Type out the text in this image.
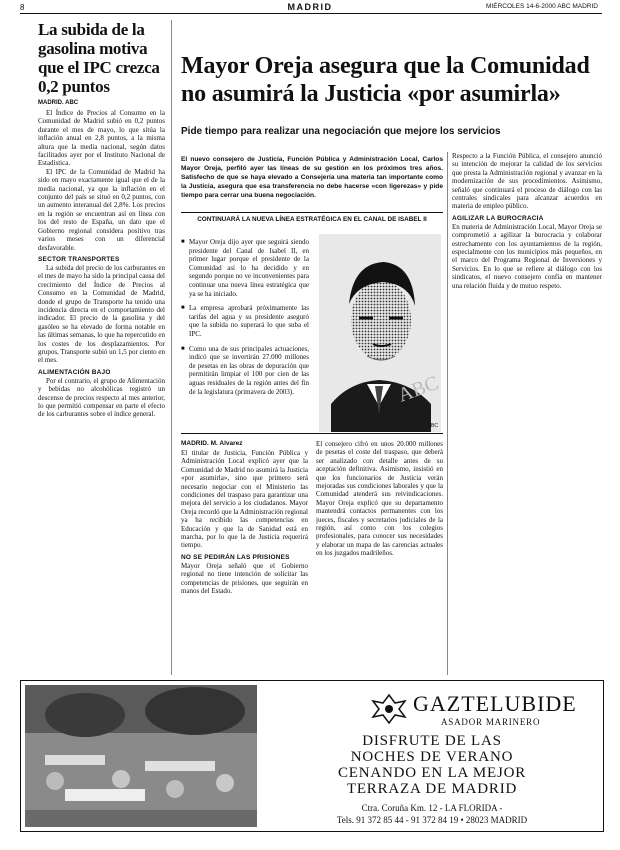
8	MADRID	MIÉRCOLES 14-6-2000 ABC MADRID
La subida de la gasolina motiva que el IPC crezca 0,2 puntos
MADRID. ABC

El Índice de Precios al Consumo en la Comunidad de Madrid subió en 0,2 puntos durante el mes de mayo, lo que sitúa la inflación anual en 2,8 puntos, a la misma altura que la media nacional, según datos facilitados ayer por el Instituto Nacional de Estadística.

El IPC de la Comunidad de Madrid ha sido en mayo exactamente igual que el de la media nacional, ya que la inflación en el conjunto del país se situó en 0,2 puntos, con un aumento interanual del 2,8%. Los precios en la región se encuentran así en línea con los del resto de España, un dato que el Gobierno regional considera positivo tras varios meses con un diferencial desfavorable.

SECTOR TRANSPORTES

La subida del precio de los carburantes en el mes de mayo ha sido la principal causa del crecimiento del Índice de Precios al Consumo en la Comunidad de Madrid, donde el grupo de Transporte ha tenido una incidencia directa en el comportamiento del indicador. El precio de la gasolina y del gasóleo se ha elevado de forma notable en las últimas semanas, lo que ha repercutido en los costes de los desplazamientos. Por grupos, Transporte subió un 1,5 por ciento en el mes.

ALIMENTACIÓN BAJO

Por el contrario, el grupo de Alimentación y bebidas no alcohólicas registró un descenso de precios respecto al mes anterior, lo que permitió compensar en parte el efecto de los carburantes sobre el índice general.

Mayor Oreja asegura que la Comunidad no asumirá la Justicia «por asumirla»
Pide tiempo para realizar una negociación que mejore los servicios
El nuevo consejero de Justicia, Función Pública y Administración Local, Carlos Mayor Oreja, perfiló ayer las líneas de su gestión en los próximos tres años. Satisfecho de que se haya elevado a Consejería una materia tan importante como la Justicia, asegura que esa transferencia no debe hacerse «con ligerezas» y pide tiempo para cerrar una buena negociación.
CONTINUARÁ LA NUEVA LÍNEA ESTRATÉGICA EN EL CANAL DE ISABEL II

■ Mayor Oreja dijo ayer que seguirá siendo presidente del Canal de Isabel II, en primer lugar porque el presidente de la Comunidad así lo ha decidido y en segundo porque no ve inconvenientes para continuar una nueva línea estratégica que ya se ha iniciado.

■ La empresa aprobará próximamente las tarifas del agua y su presidente aseguró que la subida no superará lo que suba el IPC.

■ Como una de sus principales actuaciones, indicó que se invertirán 27.000 millones de pesetas en las obras de depuración que permitirán limpiar el 100 por cien de las aguas residuales de la región antes del fin de la legislatura (primavera de 2003).	ABC
ABC

Respecto a la Función Pública, el consejero anunció su intención de mejorar la calidad de los servicios que presta la Administración regional y avanzar en la modernización de sus procedimientos. Asimismo, señaló que continuará el proceso de diálogo con las centrales sindicales para alcanzar acuerdos en materia de empleo público.

AGILIZAR LA BUROCRACIA

En materia de Administración Local, Mayor Oreja se comprometió a agilizar la burocracia y colaborar estrechamente con los ayuntamientos de la región, especialmente con los municipios más pequeños, en el marco del Programa Regional de Inversiones y Servicios. En lo que se refiere al diálogo con los sindicatos, el nuevo consejero confía en mantener una relación fluida y de mutuo respeto.

MADRID. M. Alvarez

El titular de Justicia, Función Pública y Administración Local explicó ayer que la Comunidad de Madrid no asumirá la Justicia «por asumirla», sino que primero será necesario negociar con el Ministerio las condiciones del traspaso para garantizar una mejora del servicio a los ciudadanos. Mayor Oreja recordó que la Administración regional ya ha recibido las competencias en Educación y que la de Sanidad está en marcha, por lo que la de Justicia requerirá tiempo.

NO SE PEDIRÁN LAS PRISIONES

Mayor Oreja señaló que el Gobierno regional no tiene intención de solicitar las competencias de prisiones, que seguirán en manos del Estado.

El consejero cifró en unos 20.000 millones de pesetas el coste del traspaso, que deberá ser analizado con detalle antes de su aceptación definitiva. Asimismo, insistió en que los funcionarios de Justicia verán mejoradas sus condiciones laborales y que la Comunidad atenderá sus reivindicaciones. Mayor Oreja explicó que su departamento mantendrá contactos permanentes con los jueces, fiscales y secretarios judiciales de la región, así como con los colegios profesionales, para conocer sus necesidades y elaborar un mapa de las carencias actuales en los juzgados madrileños.

GAZTELUBIDE
ASADOR MARINERO
DISFRUTE DE LAS
NOCHES DE VERANO
CENANDO EN LA MEJOR
TERRAZA DE MADRID
Ctra. Coruña Km. 12 - LA FLORIDA -
Tels. 91 372 85 44 - 91 372 84 19 • 28023 MADRID
